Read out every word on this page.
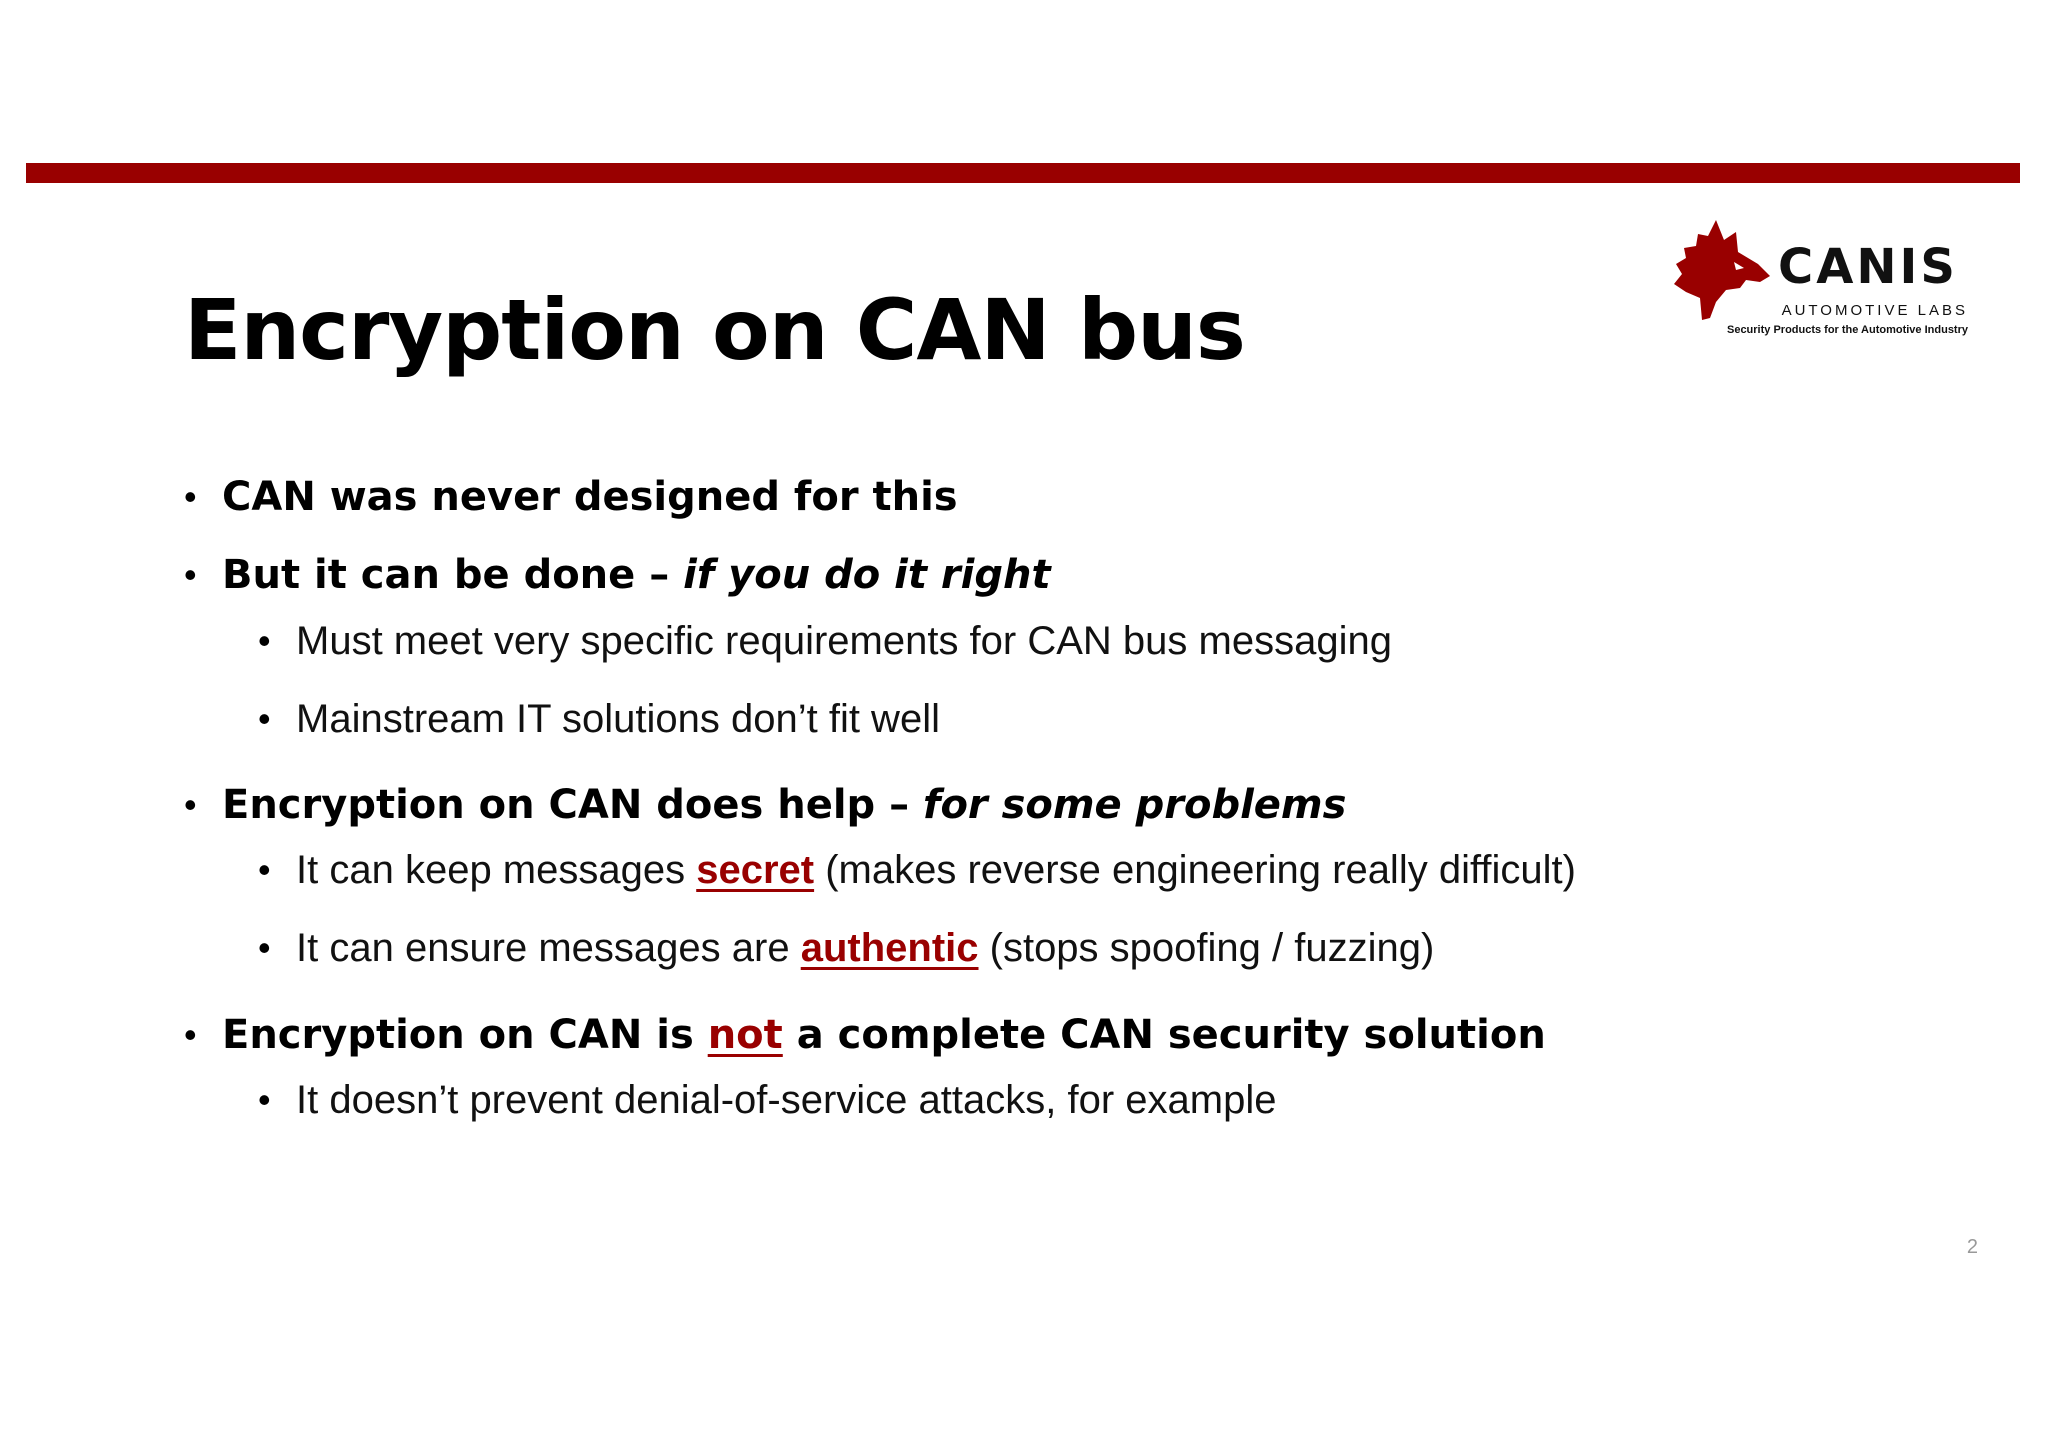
Encryption on CAN bus
CANIS
AUTOMOTIVE LABS
Security Products for the Automotive Industry
• CAN was never designed for this
• But it can be done – if you do it right
• Must meet very specific requirements for CAN bus messaging
• Mainstream IT solutions don’t fit well
• Encryption on CAN does help – for some problems
• It can keep messages secret (makes reverse engineering really difficult)
• It can ensure messages are authentic (stops spoofing / fuzzing)
• Encryption on CAN is not a complete CAN security solution
• It doesn’t prevent denial-of-service attacks, for example
2
